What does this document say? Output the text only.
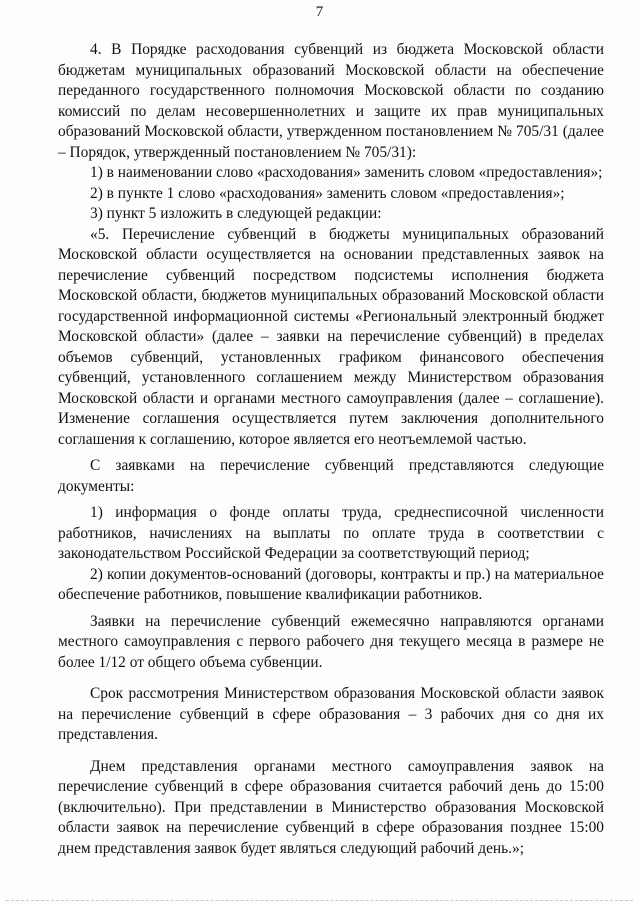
7

4. В Порядке расходования субвенций из бюджета Московской области бюджетам муниципальных образований Московской области на обеспечение переданного государственного полномочия Московской области по созданию комиссий по делам несовершеннолетних и защите их прав муниципальных образований Московской области, утвержденном постановлением № 705/31 (далее – Порядок, утвержденный постановлением № 705/31):

1) в наименовании слово «расходования» заменить словом «предоставления»;

2) в пункте 1 слово «расходования» заменить словом «предоставления»;

3) пункт 5 изложить в следующей редакции:

«5. Перечисление субвенций в бюджеты муниципальных образований Московской области осуществляется на основании представленных заявок на перечисление субвенций посредством подсистемы исполнения бюджета Московской области, бюджетов муниципальных образований Московской области государственной информационной системы «Региональный электронный бюджет Московской области» (далее – заявки на перечисление субвенций) в пределах объемов субвенций, установленных графиком финансового обеспечения субвенций, установленного соглашением между Министерством образования Московской области и органами местного самоуправления (далее – соглашение). Изменение соглашения осуществляется путем заключения дополнительного соглашения к соглашению, которое является его неотъемлемой частью.

С заявками на перечисление субвенций представляются следующие документы:

1) информация о фонде оплаты труда, среднесписочной численности работников, начислениях на выплаты по оплате труда в соответствии с законодательством Российской Федерации за соответствующий период;

2) копии документов-оснований (договоры, контракты и пр.) на материальное обеспечение работников, повышение квалификации работников.

Заявки на перечисление субвенций ежемесячно направляются органами местного самоуправления с первого рабочего дня текущего месяца в размере не более 1/12 от общего объема субвенции.

Срок рассмотрения Министерством образования Московской области заявок на перечисление субвенций в сфере образования – 3 рабочих дня со дня их представления.

Днем представления органами местного самоуправления заявок на перечисление субвенций в сфере образования считается рабочий день до 15:00 (включительно). При представлении в Министерство образования Московской области заявок на перечисление субвенций в сфере образования позднее 15:00 днем представления заявок будет являться следующий рабочий день.»;
